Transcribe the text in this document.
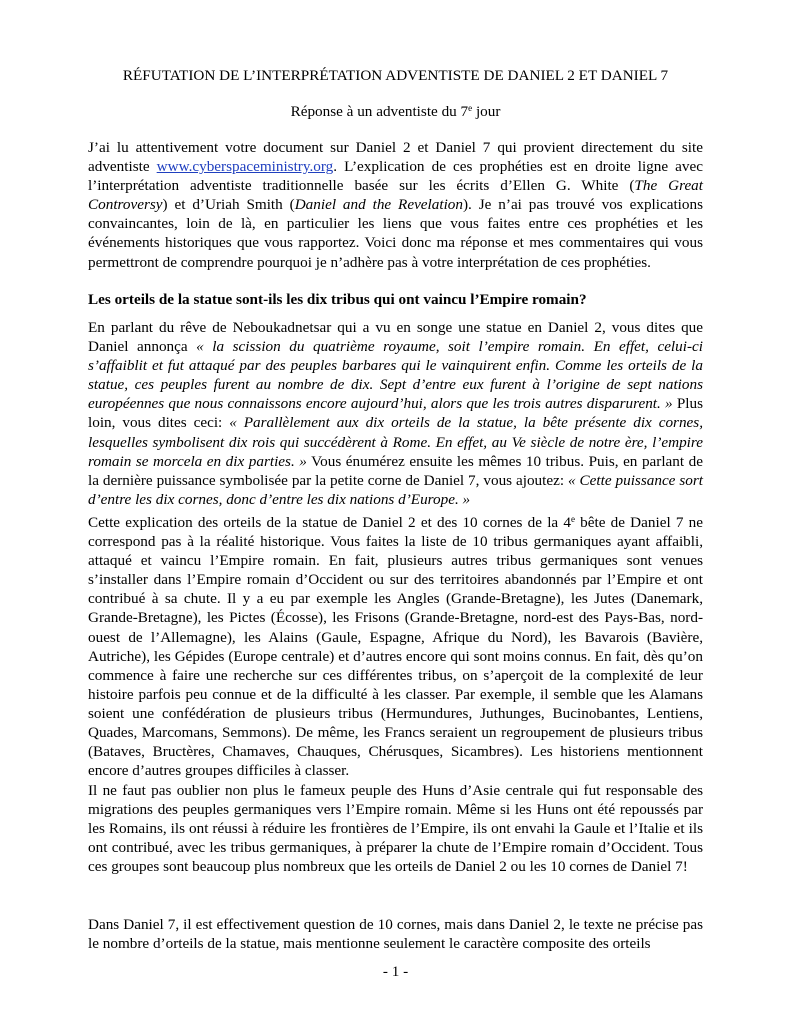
RÉFUTATION DE L’INTERPRÉTATION ADVENTISTE DE DANIEL 2 ET DANIEL 7
Réponse à un adventiste du 7e jour

J’ai lu attentivement votre document sur Daniel 2 et Daniel 7 qui provient directement du site adventiste www.cyberspaceministry.org. L’explication de ces prophéties est en droite ligne avec l’interprétation adventiste traditionnelle basée sur les écrits d’Ellen G. White (The Great Controversy) et d’Uriah Smith (Daniel and the Revelation). Je n’ai pas trouvé vos explications convaincantes, loin de là, en particulier les liens que vous faites entre ces prophéties et les événements historiques que vous rapportez. Voici donc ma réponse et mes commentaires qui vous permettront de comprendre pourquoi je n’adhère pas à votre interprétation de ces prophéties.

Les orteils de la statue sont-ils les dix tribus qui ont vaincu l’Empire romain?

En parlant du rêve de Neboukadnetsar qui a vu en songe une statue en Daniel 2, vous dites que Daniel annonça « la scission du quatrième royaume, soit l’empire romain. En effet, celui-ci s’affaiblit et fut attaqué par des peuples barbares qui le vainquirent enfin. Comme les orteils de la statue, ces peuples furent au nombre de dix. Sept d’entre eux furent à l’origine de sept nations européennes que nous connaissons encore aujourd’hui, alors que les trois autres disparurent. » Plus loin, vous dites ceci: « Parallèlement aux dix orteils de la statue, la bête présente dix cornes, lesquelles symbolisent dix rois qui succédèrent à Rome. En effet, au Ve siècle de notre ère, l’empire romain se morcela en dix parties. » Vous énumérez ensuite les mêmes 10 tribus. Puis, en parlant de la dernière puissance symbolisée par la petite corne de Daniel 7, vous ajoutez: « Cette puissance sort d’entre les dix cornes, donc d’entre les dix nations d’Europe. »

Cette explication des orteils de la statue de Daniel 2 et des 10 cornes de la 4e bête de Daniel 7 ne correspond pas à la réalité historique. Vous faites la liste de 10 tribus germaniques ayant affaibli, attaqué et vaincu l’Empire romain. En fait, plusieurs autres tribus germaniques sont venues s’installer dans l’Empire romain d’Occident ou sur des territoires abandonnés par l’Empire et ont contribué à sa chute. Il y a eu par exemple les Angles (Grande-Bretagne), les Jutes (Danemark, Grande-Bretagne), les Pictes (Écosse), les Frisons (Grande-Bretagne, nord-est des Pays-Bas, nord-ouest de l’Allemagne), les Alains (Gaule, Espagne, Afrique du Nord), les Bavarois (Bavière, Autriche), les Gépides (Europe centrale) et d’autres encore qui sont moins connus. En fait, dès qu’on commence à faire une recherche sur ces différentes tribus, on s’aperçoit de la complexité de leur histoire parfois peu connue et de la difficulté à les classer. Par exemple, il semble que les Alamans soient une confédération de plusieurs tribus (Hermundures, Juthunges, Bucinobantes, Lentiens, Quades, Marcomans, Semmons). De même, les Francs seraient un regroupement de plusieurs tribus (Bataves, Bructères, Chamaves, Chauques, Chérusques, Sicambres). Les historiens mentionnent encore d’autres groupes difficiles à classer.

Il ne faut pas oublier non plus le fameux peuple des Huns d’Asie centrale qui fut responsable des migrations des peuples germaniques vers l’Empire romain. Même si les Huns ont été repoussés par les Romains, ils ont réussi à réduire les frontières de l’Empire, ils ont envahi la Gaule et l’Italie et ils ont contribué, avec les tribus germaniques, à préparer la chute de l’Empire romain d’Occident. Tous ces groupes sont beaucoup plus nombreux que les orteils de Daniel 2 ou les 10 cornes de Daniel 7!

Dans Daniel 7, il est effectivement question de 10 cornes, mais dans Daniel 2, le texte ne précise pas le nombre d’orteils de la statue, mais mentionne seulement le caractère composite des orteils

- 1 -
